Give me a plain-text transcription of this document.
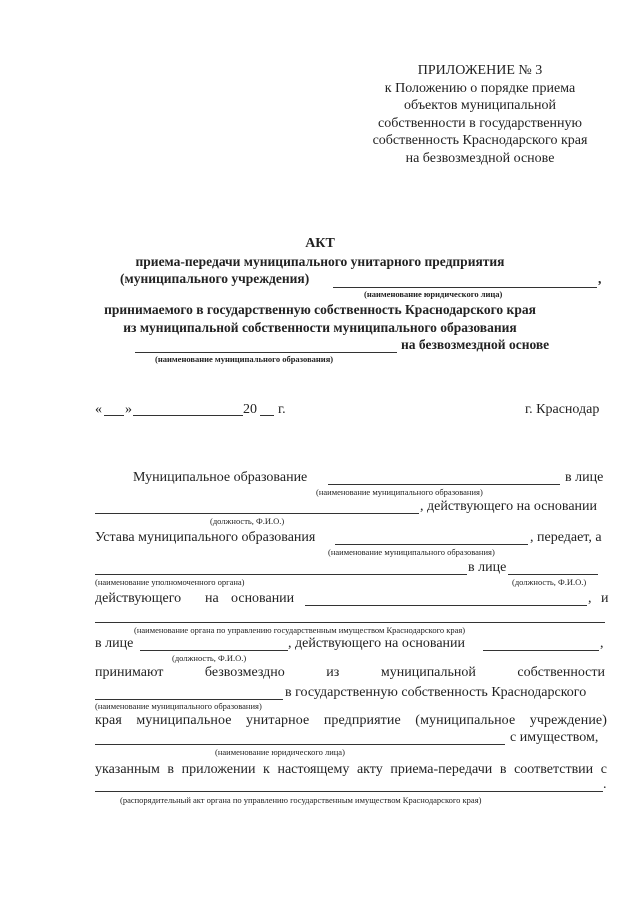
ПРИЛОЖЕНИЕ № 3
к Положению о порядке приема
объектов муниципальной
собственности в государственную
собственность Краснодарского края
на безвозмездной основе
АКТ
приема-передачи муниципального унитарного предприятия
(муниципального учреждения)	,
(наименование юридического лица)
принимаемого в государственную собственность Краснодарского края
из муниципальной собственности муниципального образования
на безвозмездной основе
(наименование муниципального образования)
« »	20 г.	г. Краснодар
Муниципальное образование	в лице
(наименование муниципального образования)
, действующего на основании
(должность, Ф.И.О.)
Устава муниципального образования	, передает, а
(наименование муниципального образования)
в лице
(наименование уполномоченного органа)	(должность, Ф.И.О.)
действующего на основании	, и
(наименование органа по управлению государственным имуществом Краснодарского края)
в лице	, действующего на основании	,
(должность, Ф.И.О.)
принимают	безвозмездно	из	муниципальной	собственности
в государственную собственность Краснодарского
(наименование муниципального образования)
края муниципальное унитарное предприятие (муниципальное учреждение)
с имуществом,
(наименование юридического лица)
указанным в приложении к настоящему акту приема-передачи в соответствии с
.
(распорядительный акт органа по управлению государственным имуществом Краснодарского края)
